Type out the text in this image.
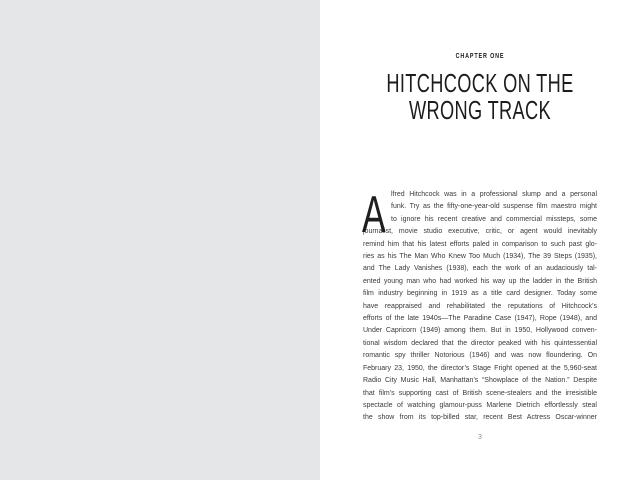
CHAPTER ONE
HITCHCOCK ON THE
WRONG TRACK
A lfred Hitchcock was in a professional slump and a personal
funk. Try as the fifty-one-year-old suspense film maestro might
to ignore his recent creative and commercial missteps, some
journalist, movie studio executive, critic, or agent would inevitably
remind him that his latest efforts paled in comparison to such past glo-
ries as his The Man Who Knew Too Much (1934), The 39 Steps (1935),
and The Lady Vanishes (1938), each the work of an audaciously tal-
ented young man who had worked his way up the ladder in the British
film industry beginning in 1919 as a title card designer. Today some
have reappraised and rehabilitated the reputations of Hitchcock’s
efforts of the late 1940s—The Paradine Case (1947), Rope (1948), and
Under Capricorn (1949) among them. But in 1950, Hollywood conven-
tional wisdom declared that the director peaked with his quintessential
romantic spy thriller Notorious (1946) and was now floundering. On
February 23, 1950, the director’s Stage Fright opened at the 5,960-seat
Radio City Music Hall, Manhattan’s “Showplace of the Nation.” Despite
that film’s supporting cast of British scene-stealers and the irresistible
spectacle of watching glamour-puss Marlene Dietrich effortlessly steal
the show from its top-billed star, recent Best Actress Oscar-winner
3
